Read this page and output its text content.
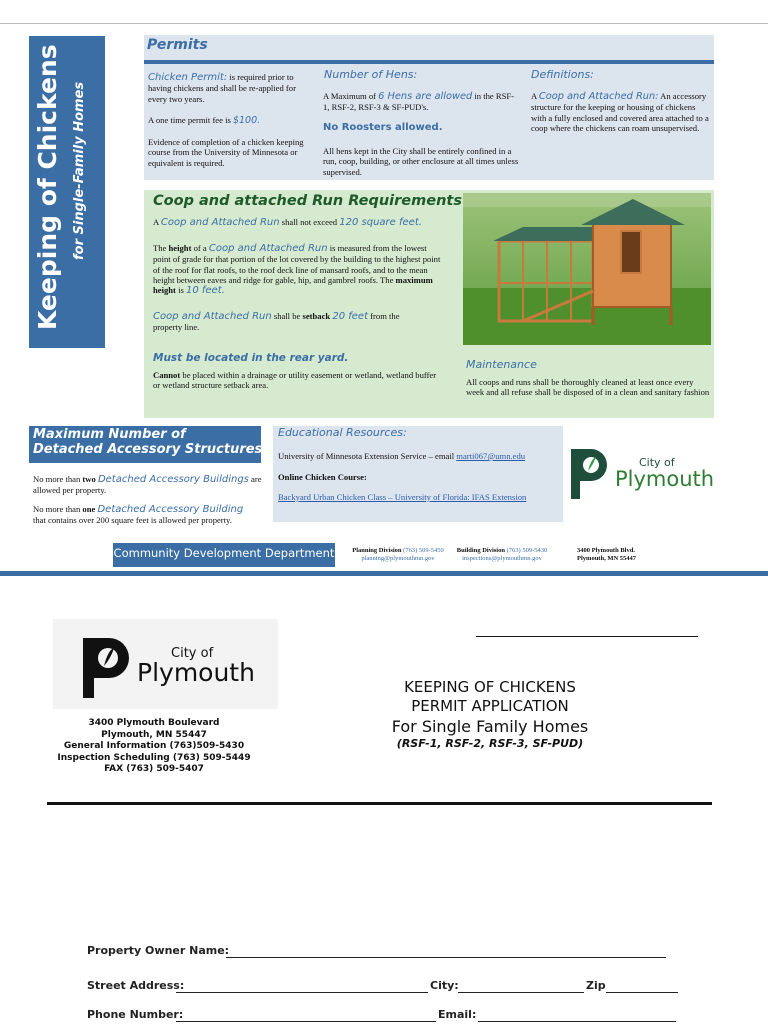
Keeping of Chickens for Single-Family Homes
Permits
Chicken Permit: is required prior to having chickens and shall be re-applied for every two years.
A one time permit fee is $100.
Evidence of completion of a chicken keeping course from the University of Minnesota or equivalent is required.
Number of Hens:
A Maximum of 6 Hens are allowed in the RSF-1, RSF-2, RSF-3 & SF-PUD's.
No Roosters allowed.
All hens kept in the City shall be entirely confined in a run, coop, building, or other enclosure at all times unless supervised.
Definitions:
A Coop and Attached Run: An accessory structure for the keeping or housing of chickens with a fully enclosed and covered area attached to a coop where the chickens can roam unsupervised.
Coop and attached Run Requirements
A Coop and Attached Run shall not exceed 120 square feet.
The height of a Coop and Attached Run is measured from the lowest point of grade for that portion of the lot covered by the building to the highest point of the roof for flat roofs, to the roof deck line of mansard roofs, and to the mean height between eaves and ridge for gable, hip, and gambrel roofs. The maximum height is 10 feet.
Coop and Attached Run shall be setback 20 feet from the property line.
Must be located in the rear yard.
Cannot be placed within a drainage or utility easement or wetland, wetland buffer or wetland structure setback area.
Maintenance
All coops and runs shall be thoroughly cleaned at least once every week and all refuse shall be disposed of in a clean and sanitary fashion
Maximum Number of
Detached Accessory Structures
No more than two Detached Accessory Buildings are allowed per property.
No more than one Detached Accessory Building that contains over 200 square feet is allowed per property.
Educational Resources:
University of Minnesota Extension Service – email marti067@umn.edu
Online Chicken Course:
Backyard Urban Chicken Class – University of Florida: IFAS Extension
City of
Plymouth
Community Development Department	Planning Division (763) 509-5450
planning@plymouthmn.gov
Building Division (763) 509-5430
inspections@plymouthmn.gov
3400 Plymouth Blvd.
Plymouth, MN 55447
City of
Plymouth
3400 Plymouth Boulevard
Plymouth, MN 55447
General Information (763)509-5430
Inspection Scheduling (763) 509-5449
FAX (763) 509-5407
KEEPING OF CHICKENS
PERMIT APPLICATION
For Single Family Homes
(RSF-1, RSF-2, RSF-3, SF-PUD)
Property Owner Name:
Street Address:	City:	Zip
Phone Number:	Email:
